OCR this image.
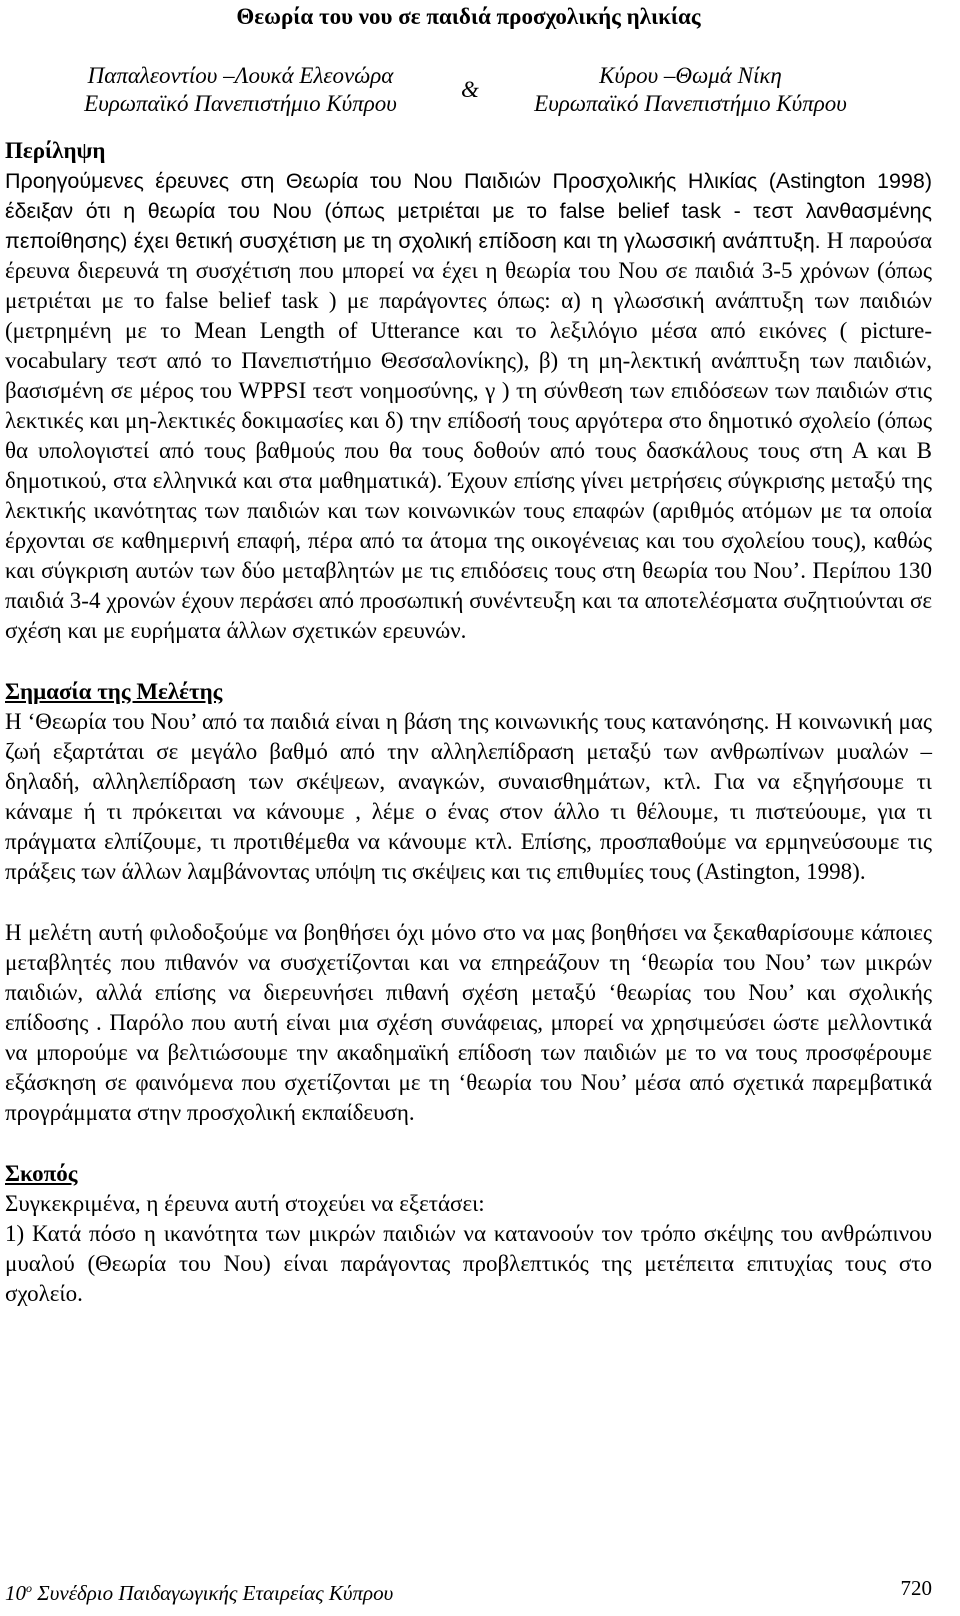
Θεωρία του νου σε παιδιά προσχολικής ηλικίας
Παπαλεοντίου –Λουκά Ελεονώρα
Ευρωπαϊκό Πανεπιστήμιο Κύπρου
&
Κύρου –Θωμά Νίκη
Ευρωπαϊκό Πανεπιστήμιο Κύπρου
Περίληψη

Προηγούμενες έρευνες στη Θεωρία του Νου Παιδιών Προσχολικής Ηλικίας (Astington 1998) έδειξαν ότι η θεωρία του Νου (όπως μετριέται με το false belief task - τεστ λανθασμένης πεποίθησης) έχει θετική συσχέτιση με τη σχολική επίδοση και τη γλωσσική ανάπτυξη. Η παρούσα έρευνα διερευνά τη συσχέτιση που μπορεί να έχει η θεωρία του Νου σε παιδιά 3-5 χρόνων (όπως μετριέται με το false belief task ) με παράγοντες όπως: α) η γλωσσική ανάπτυξη των παιδιών (μετρημένη με το Mean Length of Utterance και το λεξιλόγιο μέσα από εικόνες ( picture- vocabulary τεστ από το Πανεπιστήμιο Θεσσαλονίκης), β) τη μη-λεκτική ανάπτυξη των παιδιών, βασισμένη σε μέρος του WPPSI τεστ νοημοσύνης, γ ) τη σύνθεση των επιδόσεων των παιδιών στις λεκτικές και μη-λεκτικές δοκιμασίες και δ) την επίδοσή τους αργότερα στο δημοτικό σχολείο (όπως θα υπολογιστεί από τους βαθμούς που θα τους δοθούν από τους δασκάλους τους στη Α και Β δημοτικού, στα ελληνικά και στα μαθηματικά). Έχουν επίσης γίνει μετρήσεις σύγκρισης μεταξύ της λεκτικής ικανότητας των παιδιών και των κοινωνικών τους επαφών (αριθμός ατόμων με τα οποία έρχονται σε καθημερινή επαφή, πέρα από τα άτομα της οικογένειας και του σχολείου τους), καθώς και σύγκριση αυτών των δύο μεταβλητών με τις επιδόσεις τους στη θεωρία του Νου’. Περίπου 130 παιδιά 3-4 χρονών έχουν περάσει από προσωπική συνέντευξη και τα αποτελέσματα συζητιούνται σε σχέση και με ευρήματα άλλων σχετικών ερευνών.

Σημασία της Μελέτης

Η ‘Θεωρία του Νου’ από τα παιδιά είναι η βάση της κοινωνικής τους κατανόησης. Η κοινωνική μας ζωή εξαρτάται σε μεγάλο βαθμό από την αλληλεπίδραση μεταξύ των ανθρωπίνων μυαλών – δηλαδή, αλληλεπίδραση των σκέψεων, αναγκών, συναισθημάτων, κτλ. Για να εξηγήσουμε τι κάναμε ή τι πρόκειται να κάνουμε , λέμε ο ένας στον άλλο τι θέλουμε, τι πιστεύουμε, για τι πράγματα ελπίζουμε, τι προτιθέμεθα να κάνουμε κτλ. Επίσης, προσπαθούμε να ερμηνεύσουμε τις πράξεις των άλλων λαμβάνοντας υπόψη τις σκέψεις και τις επιθυμίες τους (Astington, 1998).

Η μελέτη αυτή φιλοδοξούμε να βοηθήσει όχι μόνο στο να μας βοηθήσει να ξεκαθαρίσουμε κάποιες μεταβλητές που πιθανόν να συσχετίζονται και να επηρεάζουν τη ‘θεωρία του Νου’ των μικρών παιδιών, αλλά επίσης να διερευνήσει πιθανή σχέση μεταξύ ‘θεωρίας του Νου’ και σχολικής επίδοσης . Παρόλο που αυτή είναι μια σχέση συνάφειας, μπορεί να χρησιμεύσει ώστε μελλοντικά να μπορούμε να βελτιώσουμε την ακαδημαϊκή επίδοση των παιδιών με το να τους προσφέρουμε εξάσκηση σε φαινόμενα που σχετίζονται με τη ‘θεωρία του Νου’ μέσα από σχετικά παρεμβατικά προγράμματα στην προσχολική εκπαίδευση.

Σκοπός

Συγκεκριμένα, η έρευνα αυτή στοχεύει να εξετάσει:

1) Κατά πόσο η ικανότητα των μικρών παιδιών να κατανοούν τον τρόπο σκέψης του ανθρώπινου μυαλού (Θεωρία του Νου) είναι παράγοντας προβλεπτικός της μετέπειτα επιτυχίας τους στο σχολείο.

$10^o$ Συνέδριο Παιδαγωγικής Εταιρείας Κύπρου	720
